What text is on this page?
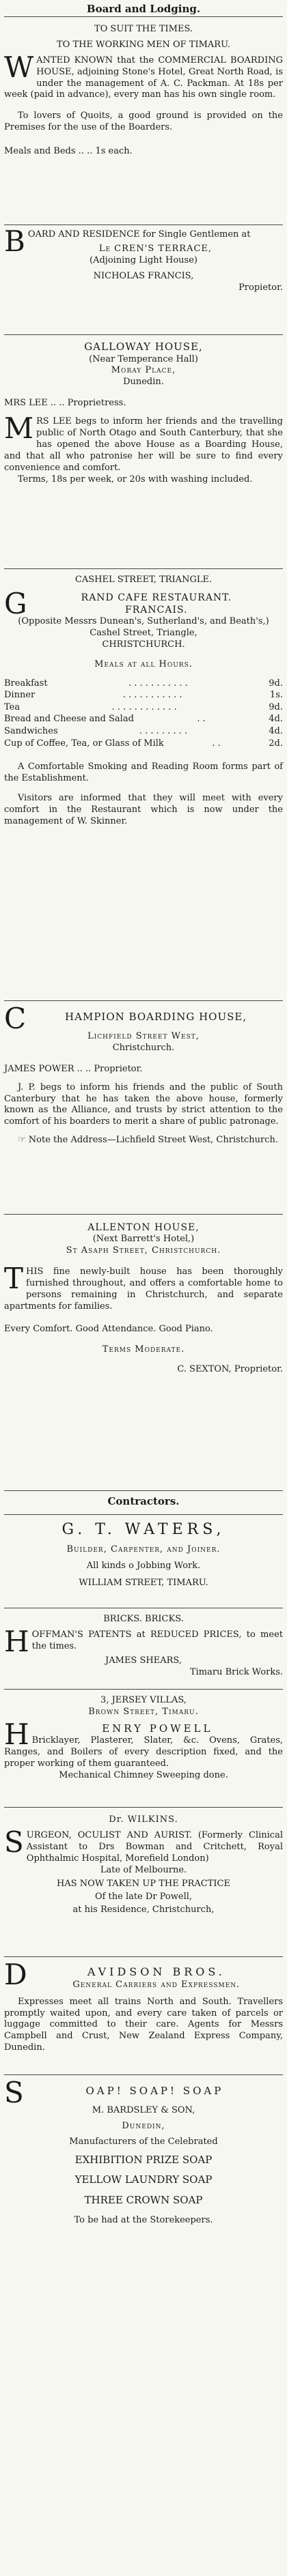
Board and Lodging.
TO SUIT THE TIMES.
TO THE WORKING MEN OF TIMARU.
W ANTED KNOWN that the COMMERCIAL BOARDING HOUSE, adjoining Stone's Hotel, Great North Road, is under the management of A. C. Packman. At 18s per week (paid in advance), every man has his own single room.
To lovers of Quoits, a good ground is provided on the Premises for the use of the Boarders.
Meals and Beds .. .. 1s each.
B OARD AND RESIDENCE for Single Gentlemen at
Le CREN'S TERRACE,
(Adjoining Light House)
NICHOLAS FRANCIS,
Propietor.
GALLOWAY HOUSE,
(Near Temperance Hall)
Moray Place,
Dunedin.
MRS LEE .. .. Proprietress.
M RS LEE begs to inform her friends and the travelling public of North Otago and South Canterbury, that she has opened the above House as a Boarding House, and that all who patronise her will be sure to find every convenience and comfort.
Terms, 18s per week, or 20s with washing included.
CASHEL STREET, TRIANGLE.
G	RAND CAFE RESTAURANT.
FRANCAIS.
(Opposite Messrs Dunean's, Sutherland's, and Beath's,)
Cashel Street, Triangle,
CHRISTCHURCH.
Meals at all Hours.
Breakfast	. . . . . . . . . . .	9d.
Dinner	. . . . . . . . . . .	1s.
Tea	. . . . . . . . . . . .	9d.
Bread and Cheese and Salad	. .	4d.
Sandwiches	. . . . . . . . .	4d.
Cup of Coffee, Tea, or Glass of Milk	. .	2d.
A Comfortable Smoking and Reading Room forms part of the Establishment.
Visitors are informed that they will meet with every comfort in the Restaurant which is now under the management of W. Skinner.
C	HAMPION BOARDING HOUSE,
Lichfield Street West,
Christchurch.
JAMES POWER .. .. Proprietor.
J. P. begs to inform his friends and the public of South Canterbury that he has taken the above house, formerly known as the Alliance, and trusts by strict attention to the comfort of his boarders to merit a share of public patronage.
☞ Note the Address—Lichfield Street West, Christchurch.
ALLENTON HOUSE,
(Next Barrett's Hotel,)
St Asaph Street, Christchurch.
T HIS fine newly-built house has been thoroughly furnished throughout, and offers a comfortable home to persons remaining in Christchurch, and separate apartments for families.
Every Comfort. Good Attendance. Good Piano.
Terms Moderate.
C. SEXTON, Proprietor.
Contractors.
G. T. WATERS,
Builder, Carpenter, and Joiner.
All kinds o Jobbing Work.
WILLIAM STREET, TIMARU.
BRICKS. BRICKS.
H OFFMAN'S PATENTS at REDUCED PRICES, to meet the times.
JAMES SHEARS,
Timaru Brick Works.
3, JERSEY VILLAS,
Brown Street, Timaru.
H	ENRY POWELL
Bricklayer, Plasterer, Slater, &c. Ovens, Grates, Ranges, and Boilers of every description fixed, and the proper working of them guaranteed.
Mechanical Chimney Sweeping done.
Dr. WILKINS.
S URGEON, OCULIST AND AURIST. (Formerly Clinical Assistant to Drs Bowman and Critchett, Royal Ophthalmic Hospital, Morefield London)
Late of Melbourne.
HAS NOW TAKEN UP THE PRACTICE
Of the late Dr Powell,
at his Residence, Christchurch,
D	AVIDSON BROS.
General Carriers and Expressmen.
Expresses meet all trains North and South. Travellers promptly waited upon, and every care taken of parcels or luggage committed to their care. Agents for Messrs Campbell and Crust, New Zealand Express Company, Dunedin.
S	OAP! SOAP! SOAP
M. BARDSLEY & SON,
Dunedin,
Manufacturers of the Celebrated
EXHIBITION PRIZE SOAP
YELLOW LAUNDRY SOAP
THREE CROWN SOAP
To be had at the Storekeepers.
